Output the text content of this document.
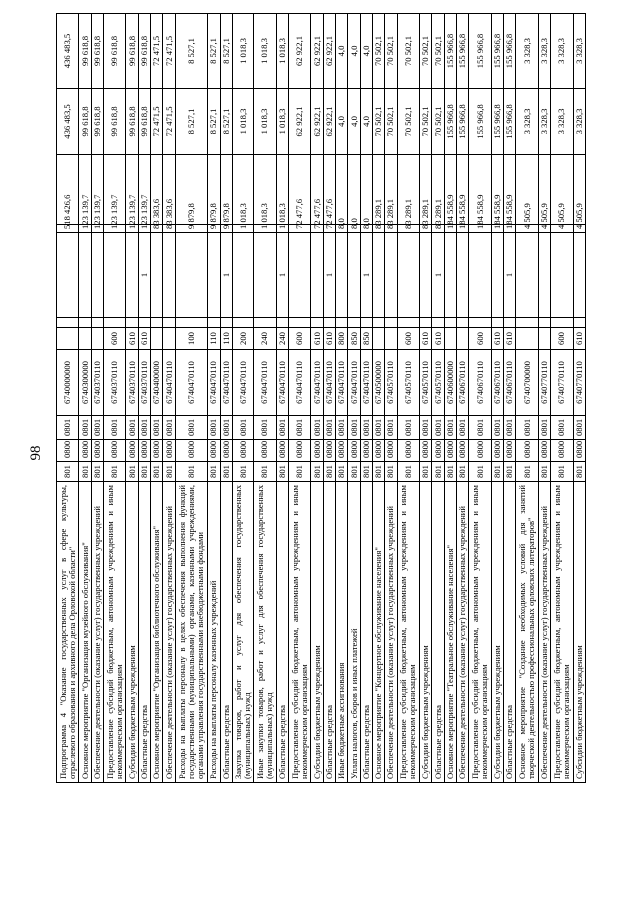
98
Подпрограмма 4 "Оказание государственных услуг в сфере культуры, отраслевого образования и архивного дела Орловской области"	801	0800	0801	6740000000				518 426,6		436 483,5	436 483,5
Основное мероприятие "Организация музейного обслуживания"	801	0800	0801	6740300000				123 139,7		99 618,8	99 618,8
Обеспечение деятельности (оказание услуг) государственных учреждений	801	0800	0801	6740370110				123 139,7		99 618,8	99 618,8
Предоставление субсидий бюджетным, автономным учреждениям и иным некоммерческим организациям	801	0800	0801	6740370110	600			123 139,7		99 618,8	99 618,8
Субсидии бюджетным учреждениям	801	0800	0801	6740370110	610			123 139,7		99 618,8	99 618,8
Областные средства	801	0800	0801	6740370110	610		1	123 139,7		99 618,8	99 618,8
Основное мероприятие "Организация библиотечного обслуживания"	801	0800	0801	6740400000				83 383,6		72 471,5	72 471,5
Обеспечение деятельности (оказание услуг) государственных учреждений	801	0800	0801	6740470110				83 383,6		72 471,5	72 471,5
Расходы на выплаты персоналу в целях обеспечения выполнения функций государственными (муниципальными) органами, казенными учреждениями, органами управления государственными внебюджетными фондами	801	0800	0801	6740470110	100			9 879,8		8 527,1	8 527,1
Расходы на выплаты персоналу казенных учреждений	801	0800	0801	6740470110	110			9 879,8		8 527,1	8 527,1
Областные средства	801	0800	0801	6740470110	110		1	9 879,8		8 527,1	8 527,1
Закупка товаров, работ и услуг для обеспечения государственных (муниципальных) нужд	801	0800	0801	6740470110	200			1 018,3		1 018,3	1 018,3
Иные закупки товаров, работ и услуг для обеспечения государственных (муниципальных) нужд	801	0800	0801	6740470110	240			1 018,3		1 018,3	1 018,3
Областные средства	801	0800	0801	6740470110	240		1	1 018,3		1 018,3	1 018,3
Предоставление субсидий бюджетным, автономным учреждениям и иным некоммерческим организациям	801	0800	0801	6740470110	600			72 477,6		62 922,1	62 922,1
Субсидии бюджетным учреждениям	801	0800	0801	6740470110	610			72 477,6		62 922,1	62 922,1
Областные средства	801	0800	0801	6740470110	610		1	72 477,6		62 922,1	62 922,1
Иные бюджетные ассигнования	801	0800	0801	6740470110	800			8,0		4,0	4,0
Уплата налогов, сборов и иных платежей	801	0800	0801	6740470110	850			8,0		4,0	4,0
Областные средства	801	0800	0801	6740470110	850		1	8,0		4,0	4,0
Основное мероприятие "Концертное обслуживание населения"	801	0800	0801	6740500000				83 289,1		70 502,1	70 502,1
Обеспечение деятельности (оказание услуг) государственных учреждений	801	0800	0801	6740570110				83 289,1		70 502,1	70 502,1
Предоставление субсидий бюджетным, автономным учреждениям и иным некоммерческим организациям	801	0800	0801	6740570110	600			83 289,1		70 502,1	70 502,1
Субсидии бюджетным учреждениям	801	0800	0801	6740570110	610			83 289,1		70 502,1	70 502,1
Областные средства	801	0800	0801	6740570110	610		1	83 289,1		70 502,1	70 502,1
Основное мероприятие "Театральное обслуживание населения"	801	0800	0801	6740600000				184 558,9		155 966,8	155 966,8
Обеспечение деятельности (оказание услуг) государственных учреждений	801	0800	0801	6740670110				184 558,9		155 966,8	155 966,8
Предоставление субсидий бюджетным, автономным учреждениям и иным некоммерческим организациям	801	0800	0801	6740670110	600			184 558,9		155 966,8	155 966,8
Субсидии бюджетным учреждениям	801	0800	0801	6740670110	610			184 558,9		155 966,8	155 966,8
Областные средства	801	0800	0801	6740670110	610		1	184 558,9		155 966,8	155 966,8
Основное мероприятие "Создание необходимых условий для занятий творческой деятельностью профессиональных орловских литераторов"	801	0800	0801	6740700000				4 505,9		3 328,3	3 328,3
Обеспечение деятельности (оказание услуг) государственных учреждений	801	0800	0801	6740770110				4 505,9		3 328,3	3 328,3
Предоставление субсидий бюджетным, автономным учреждениям и иным некоммерческим организациям	801	0800	0801	6740770110	600			4 505,9		3 328,3	3 328,3
Субсидии бюджетным учреждениям	801	0800	0801	6740770110	610			4 505,9		3 328,3	3 328,3
